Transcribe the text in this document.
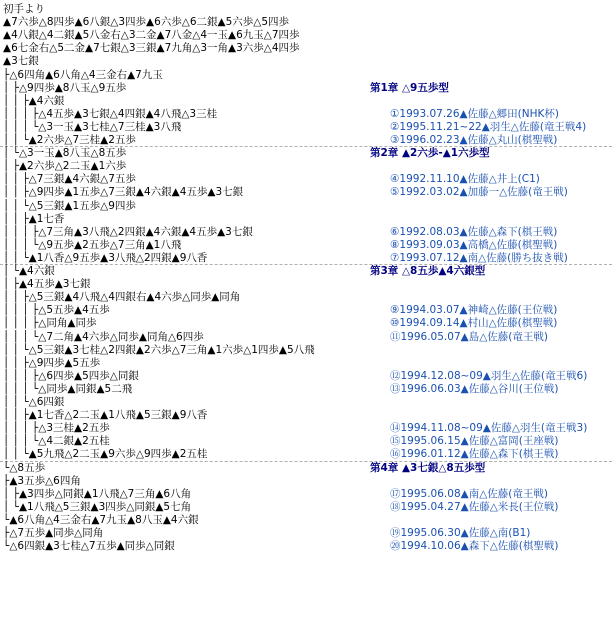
初手より
▲7六歩△8四歩▲6八銀△3四歩▲6六歩△6二銀▲5六歩△5四歩
▲4八銀△4二銀▲5八金右△3二金▲7八金△4一玉▲6九玉△7四歩
▲6七金右△5二金▲7七銀△3三銀▲7九角△3一角▲3六歩△4四歩
▲3七銀
├△6四角▲6八角△4三金右▲7九玉
│ ├△9四歩▲8八玉△9五歩	第1章 △9五歩型
│ │ ├▲4六銀
│ │ │ ├△4五歩▲3七銀△4四銀▲4八飛△3三桂	①1993.07.26▲佐藤△郷田(NHK杯)
│ │ │ └△3一玉▲3七桂△7三桂▲3八飛	②1995.11.21~22▲羽生△佐藤(竜王戦4)
│ │ └▲2六歩△7三桂▲2五歩	③1996.02.23▲佐藤△丸山(棋聖戦)
│ └△3一玉▲8八玉△8五歩	第2章 ▲2六歩-▲1六歩型
│ ├▲2六歩△2二玉▲1六歩
│ │ ├△7三銀▲4六銀△7五歩	④1992.11.10▲佐藤△井上(C1)
│ │ ├△9四歩▲1五歩△7三銀▲4六銀▲4五歩▲3七銀	⑤1992.03.02▲加藤一△佐藤(竜王戦)
│ │ └△5三銀▲1五歩△9四歩
│ │ ├▲1七香
│ │ │ ├△7三角▲3八飛△2四銀▲4六銀▲4五歩▲3七銀	⑥1992.08.03▲佐藤△森下(棋王戦)
│ │ │ └△9五歩▲2五歩△7三角▲1八飛	⑧1993.09.03▲高橋△佐藤(棋聖戦)
│ │ └▲1八香△9五歩▲3八飛△2四銀▲9八香	⑦1993.07.12▲南△佐藤(勝ち抜き戦)
│ └▲4六銀	第3章 △8五歩▲4六銀型
│ ├▲4五歩▲3七銀
│ │ ├△5三銀▲4八飛△4四銀右▲4六歩△同歩▲同角
│ │ │ ├△5五歩▲4五歩	⑨1994.03.07▲神崎△佐藤(王位戦)
│ │ │ ├△同角▲同歩	⑩1994.09.14▲村山△佐藤(棋聖戦)
│ │ │ └△7二角▲4六歩△同歩▲同角△6四歩	⑪1996.05.07▲島△佐藤(竜王戦)
│ │ └△5三銀▲3七桂△2四銀▲2六歩△7三角▲1六歩△1四歩▲5八飛
│ │ ├△9四歩▲5五歩
│ │ │ ├△6四歩▲5四歩△同銀	⑫1994.12.08~09▲羽生△佐藤(竜王戦6)
│ │ │ └△同歩▲同銀▲5二飛	⑬1996.06.03▲佐藤△谷川(王位戦)
│ │ └△6四銀
│ │ ├▲1七香△2二玉▲1八飛▲5三銀▲9八香
│ │ │ ├△3三桂▲2五歩	⑭1994.11.08~09▲佐藤△羽生(竜王戦3)
│ │ │ └△4二銀▲2五桂	⑮1995.06.15▲佐藤△富岡(王座戦)
│ │ └▲5九飛△2二玉▲9六歩△9四歩▲2五桂	⑯1996.01.12▲佐藤△森下(棋王戦)
└△8五歩	第4章 ▲3七銀△8五歩型
├▲3五歩△6四角
│ ├▲3四歩△同銀▲1八飛△7三角▲6八角	⑰1995.06.08▲南△佐藤(竜王戦)
│ └▲1八飛△5三銀▲3四歩△同銀▲5七角	⑱1995.04.27▲佐藤△米長(王位戦)
└▲6八角△4三金右▲7九玉▲8八玉▲4六銀
├△7五歩▲同歩△同角	⑲1995.06.30▲佐藤△南(B1)
└△6四銀▲3七桂△7五歩▲同歩△同銀	⑳1994.10.06▲森下△佐藤(棋聖戦)
